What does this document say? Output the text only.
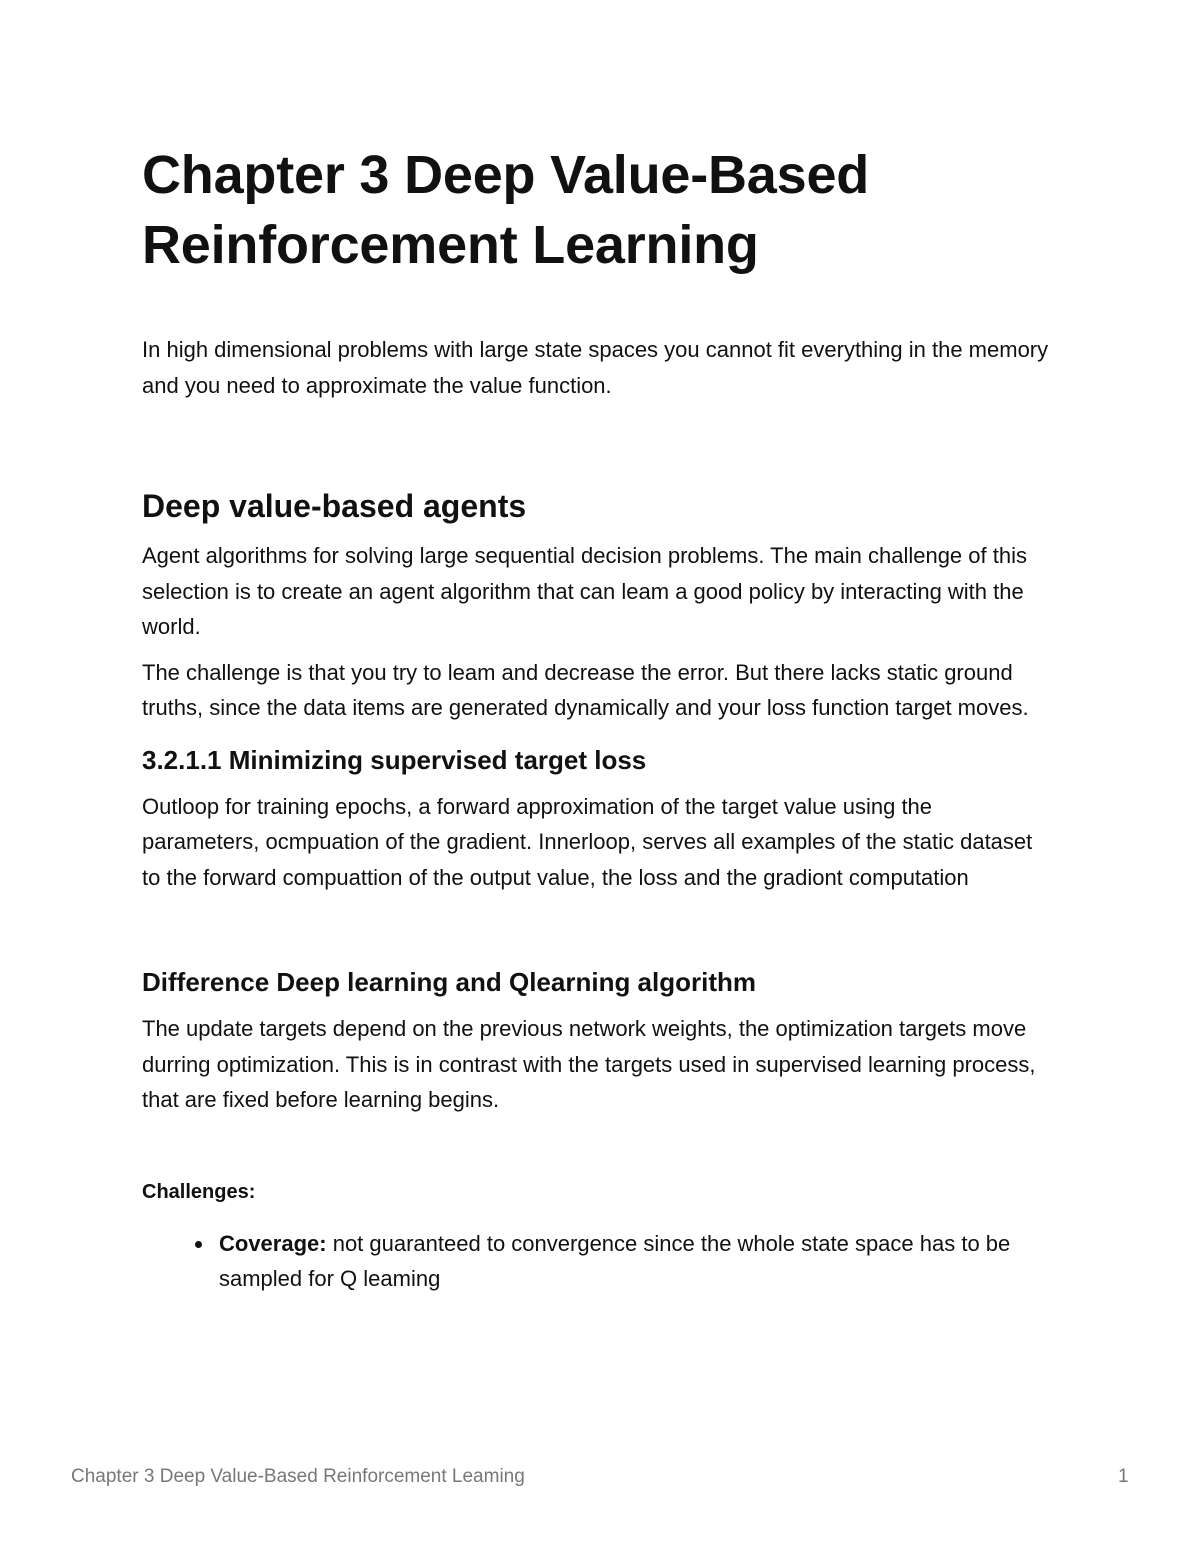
Chapter 3 Deep Value-Based Reinforcement Learning

In high dimensional problems with large state spaces you cannot fit everything in the memory and you need to approximate the value function.

Deep value-based agents

Agent algorithms for solving large sequential decision problems. The main challenge of this selection is to create an agent algorithm that can leam a good policy by interacting with the world.

The challenge is that you try to leam and decrease the error. But there lacks static ground truths, since the data items are generated dynamically and your loss function target moves.

3.2.1.1 Minimizing supervised target loss

Outloop for training epochs, a forward approximation of the target value using the parameters, ocmpuation of the gradient. Innerloop, serves all examples of the static dataset to the forward compuattion of the output value, the loss and the gradiont computation

Difference Deep learning and Qlearning algorithm

The update targets depend on the previous network weights, the optimization targets move durring optimization. This is in contrast with the targets used in supervised learning process, that are fixed before learning begins.

Challenges:
Coverage: not guaranteed to convergence since the whole state space has to be sampled for Q leaming
Chapter 3 Deep Value-Based Reinforcement Leaming	1
